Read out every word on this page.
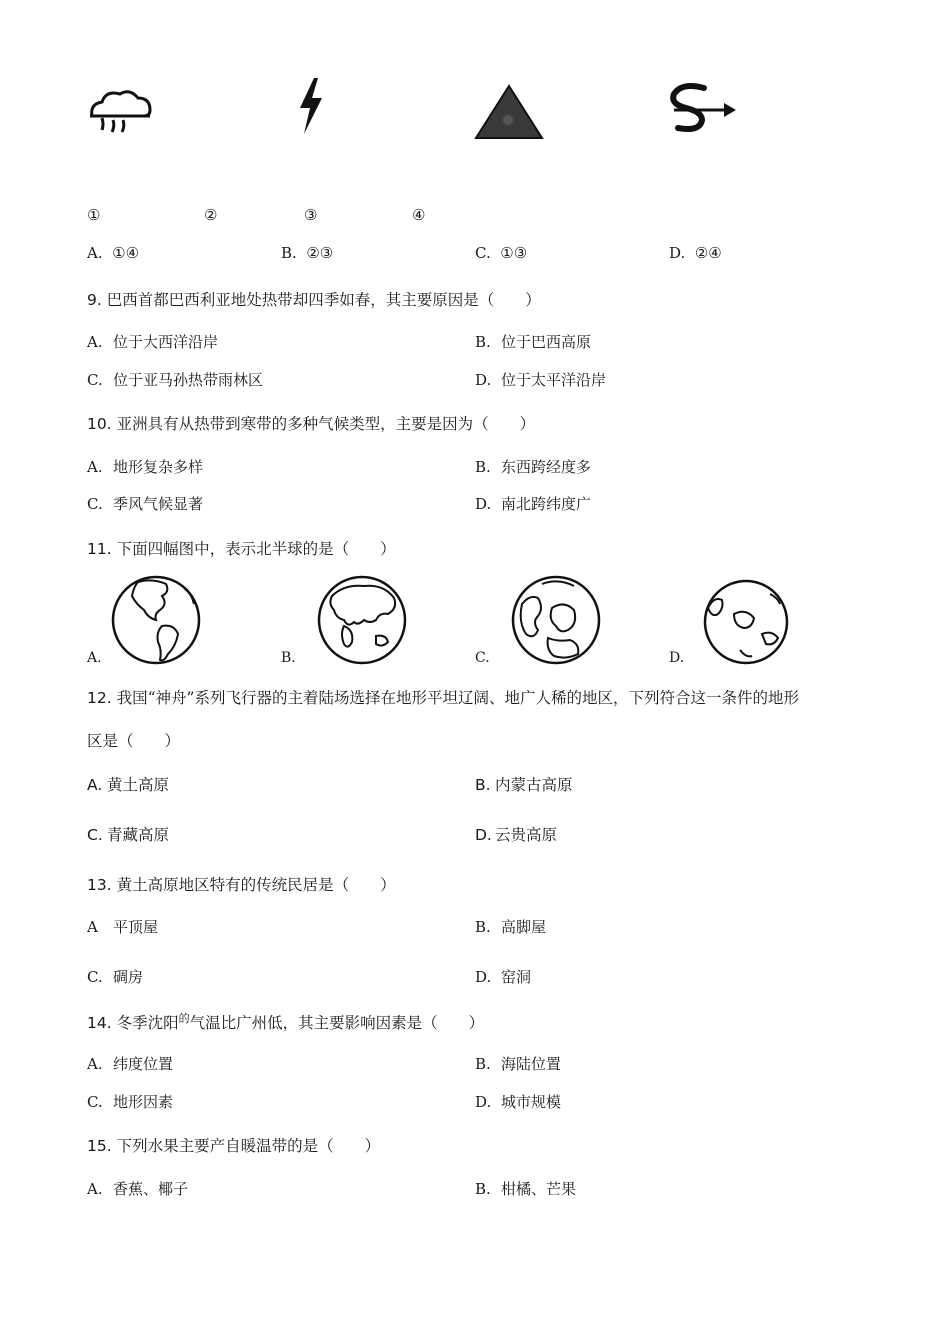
①	②	③	④
A. ①④	B. ②③	C. ①③	D. ②④
9. 巴西首都巴西利亚地处热带却四季如春，其主要原因是（　　）
A. 位于大西洋沿岸	B. 位于巴西高原
C. 位于亚马孙热带雨林区	D. 位于太平洋沿岸
10. 亚洲具有从热带到寒带的多种气候类型，主要是因为（　　）
A. 地形复杂多样	B. 东西跨经度多
C. 季风气候显著	D. 南北跨纬度广
11. 下面四幅图中，表示北半球的是（　　）
A.	B.	C.	D.
12. 我国“神舟”系列飞行器的主着陆场选择在地形平坦辽阔、地广人稀的地区，下列符合这一条件的地形
区是（　　）
A. 黄土高原	B. 内蒙古高原
C. 青藏高原	D. 云贵高原
13. 黄土高原地区特有的传统民居是（　　）
A 平顶屋	B. 高脚屋
C. 碉房	D. 窑洞
14. 冬季沈阳$^的$气温比广州低，其主要影响因素是（　　）
A. 纬度位置	B. 海陆位置
C. 地形因素	D. 城市规模
15. 下列水果主要产自暖温带的是（　　）
A. 香蕉、椰子	B. 柑橘、芒果
